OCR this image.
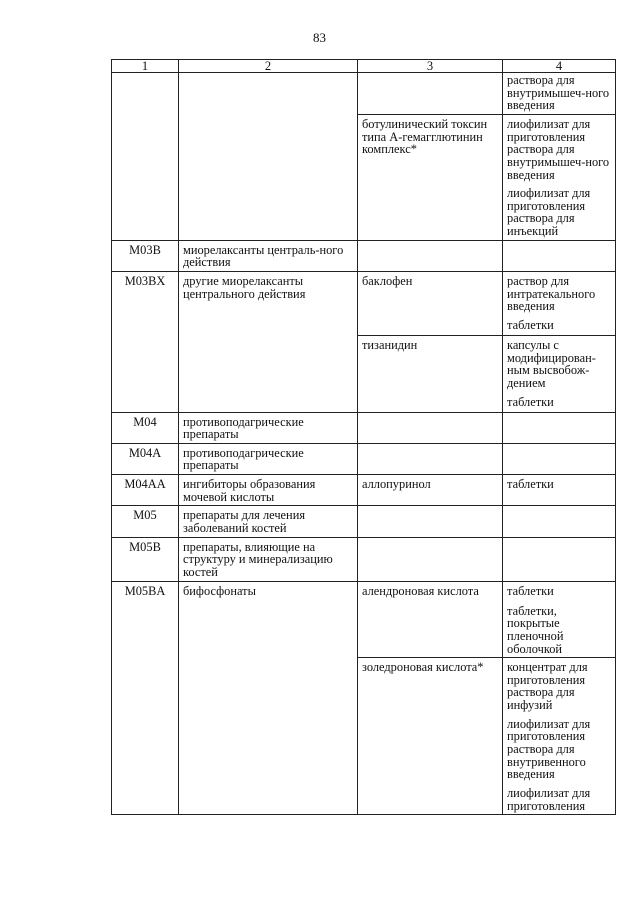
83
1	2	3	4

			раствора для внутримышеч-ного введения

		ботулинический токсин типа А-гемагглютинин комплекс*	лиофилизат для приготовления раствора для внутримышеч-ного введения
лиофилизат для приготовления раствора для инъекций

M03B	миорелаксанты централь-ного действия		
M03BX	другие миорелаксанты центрального действия	баклофен	раствор для интратекального введения
таблетки

		тизанидин	капсулы с модифицирован-ным высвобож-дением
таблетки

M04	противоподагрические препараты		
M04A	противоподагрические препараты		
M04AA	ингибиторы образования мочевой кислоты	аллопуринол	таблетки

M05	препараты для лечения заболеваний костей		
M05B	препараты, влияющие на структуру и минерализацию костей		
M05BA	бифосфонаты	алендроновая кислота	таблетки
таблетки, покрытые пленочной оболочкой

		золедроновая кислота*	концентрат для приготовления раствора для инфузий
лиофилизат для приготовления раствора для внутривенного введения
лиофилизат для приготовления
